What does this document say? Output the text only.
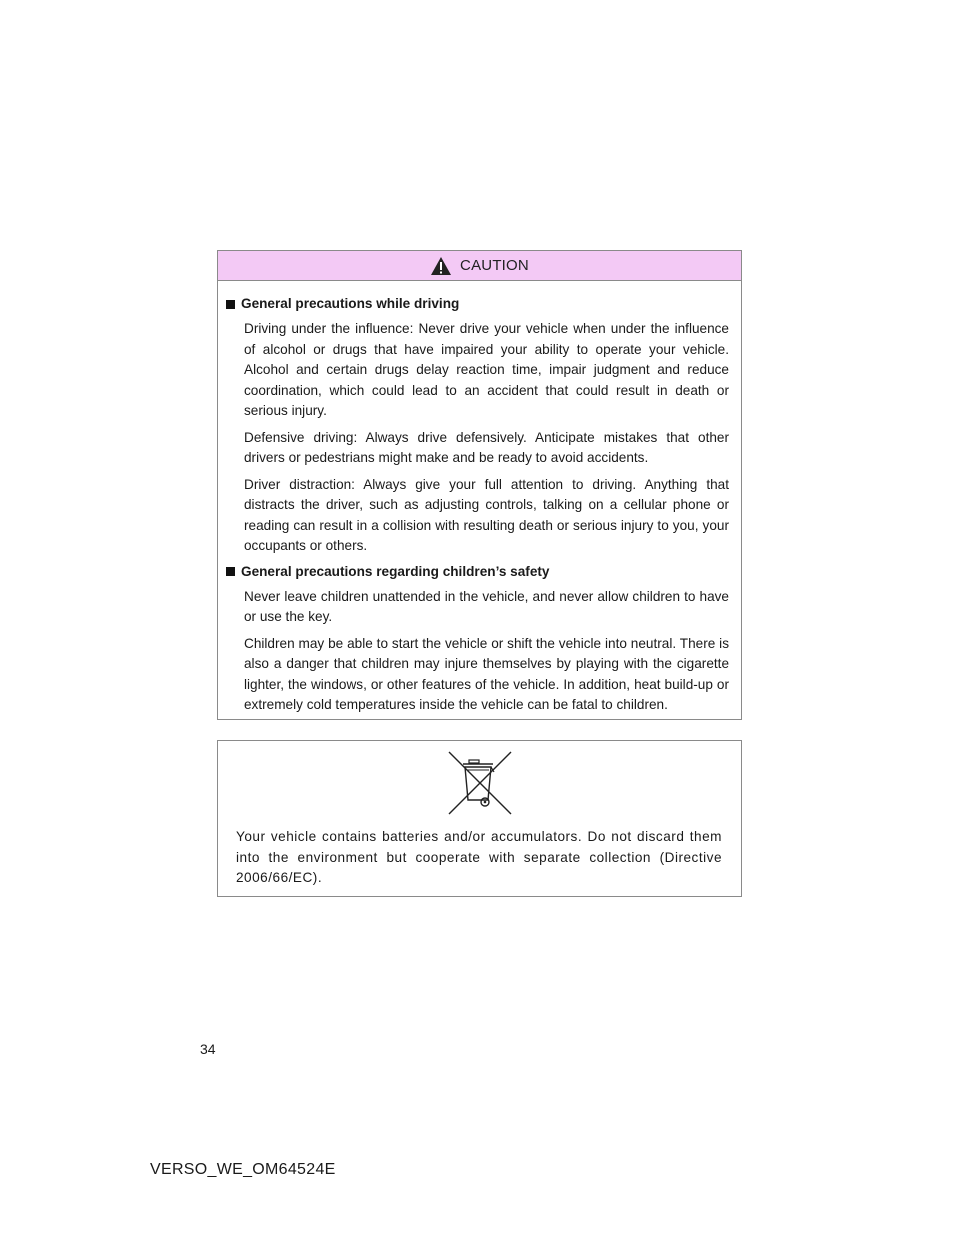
CAUTION
General precautions while driving

Driving under the influence: Never drive your vehicle when under the influence of alcohol or drugs that have impaired your ability to operate your vehicle. Alcohol and certain drugs delay reaction time, impair judgment and reduce coordination, which could lead to an accident that could result in death or serious injury.

Defensive driving: Always drive defensively. Anticipate mistakes that other drivers or pedestrians might make and be ready to avoid accidents.

Driver distraction: Always give your full attention to driving. Anything that distracts the driver, such as adjusting controls, talking on a cellular phone or reading can result in a collision with resulting death or serious injury to you, your occupants or others.

General precautions regarding children’s safety

Never leave children unattended in the vehicle, and never allow children to have or use the key.

Children may be able to start the vehicle or shift the vehicle into neutral. There is also a danger that children may injure themselves by playing with the cigarette lighter, the windows, or other features of the vehicle. In addition, heat build-up or extremely cold temperatures inside the vehicle can be fatal to children.

Your vehicle contains batteries and/or accumulators. Do not discard them into the environment but cooperate with separate collection (Directive 2006/66/EC).
34
VERSO_WE_OM64524E
